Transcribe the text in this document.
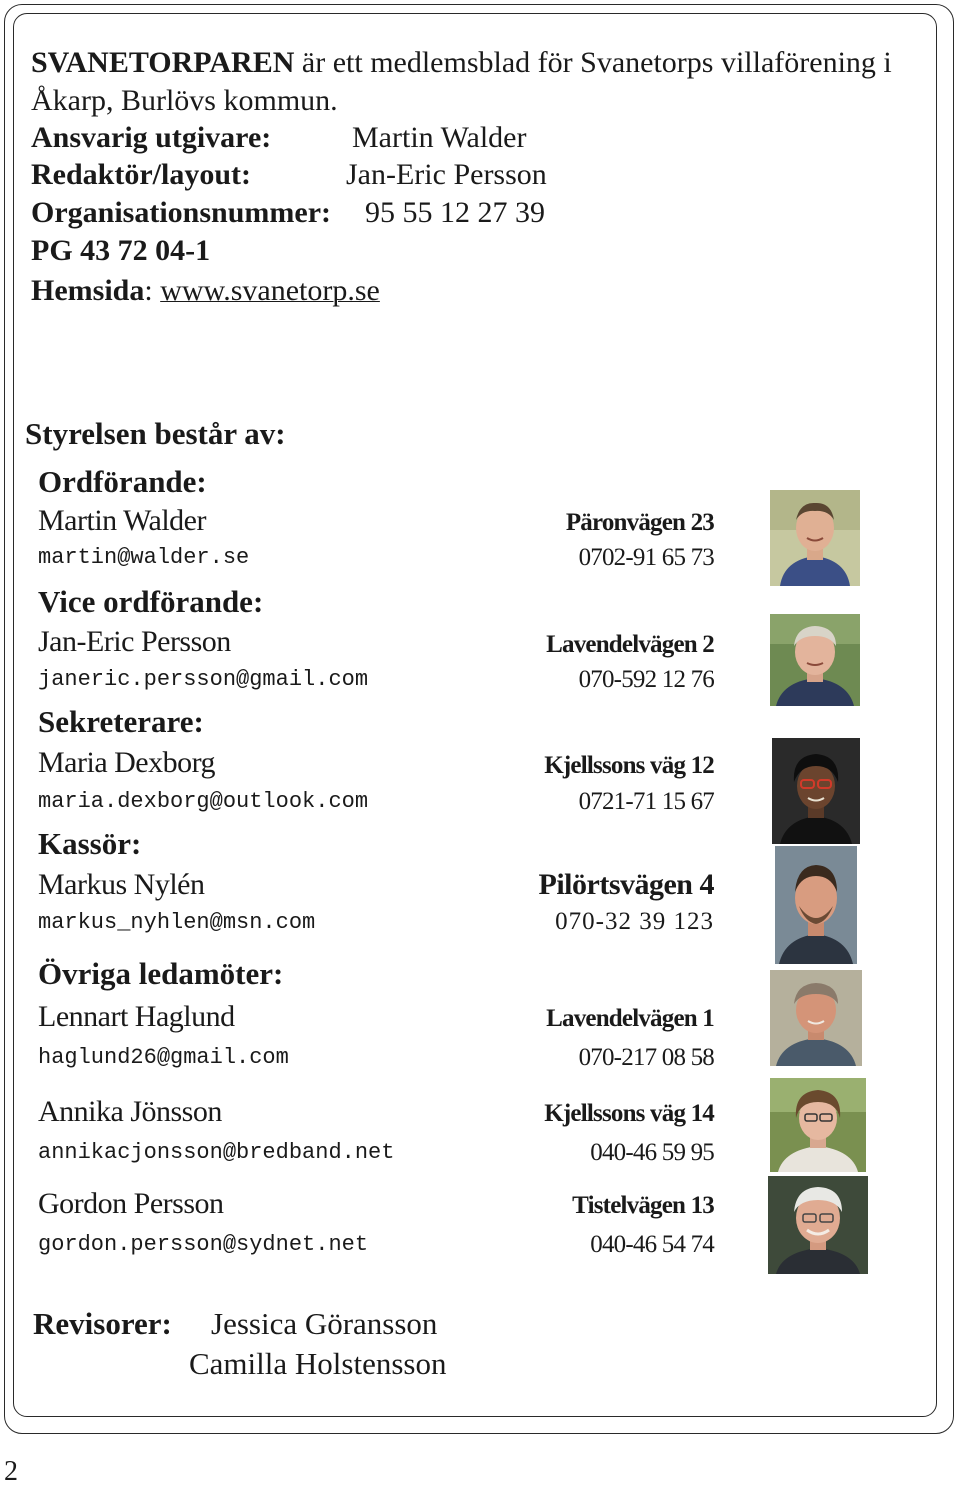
SVANETORPAREN är ett medlemsblad för Svanetorps villaförening i
Åkarp, Burlövs kommun.
Ansvarig utgivare:	Martin Walder
Redaktör/layout:	Jan-Eric Persson
Organisationsnummer: 95 55 12 27 39
PG 43 72 04-1
Hemsida: www.svanetorp.se
Styrelsen består av:
Ordförande:
Martin Walder	Päronvägen 23
martin@walder.se	0702-91 65 73
Vice ordförande:
Jan-Eric Persson	Lavendelvägen 2
janeric.persson@gmail.com	070-592 12 76
Sekreterare:
Maria Dexborg	Kjellssons väg 12
maria.dexborg@outlook.com	0721-71 15 67
Kassör:
Markus Nylén	Pilörtsvägen 4
markus_nyhlen@msn.com	070-32 39 123
Övriga ledamöter:
Lennart Haglund	Lavendelvägen 1
haglund26@gmail.com	070-217 08 58
Annika Jönsson	Kjellssons väg 14
annikacjonsson@bredband.net	040-46 59 95
Gordon Persson	Tistelvägen 13
gordon.persson@sydnet.net	040-46 54 74
Revisorer: Jessica Göransson
Camilla Holstensson
2
